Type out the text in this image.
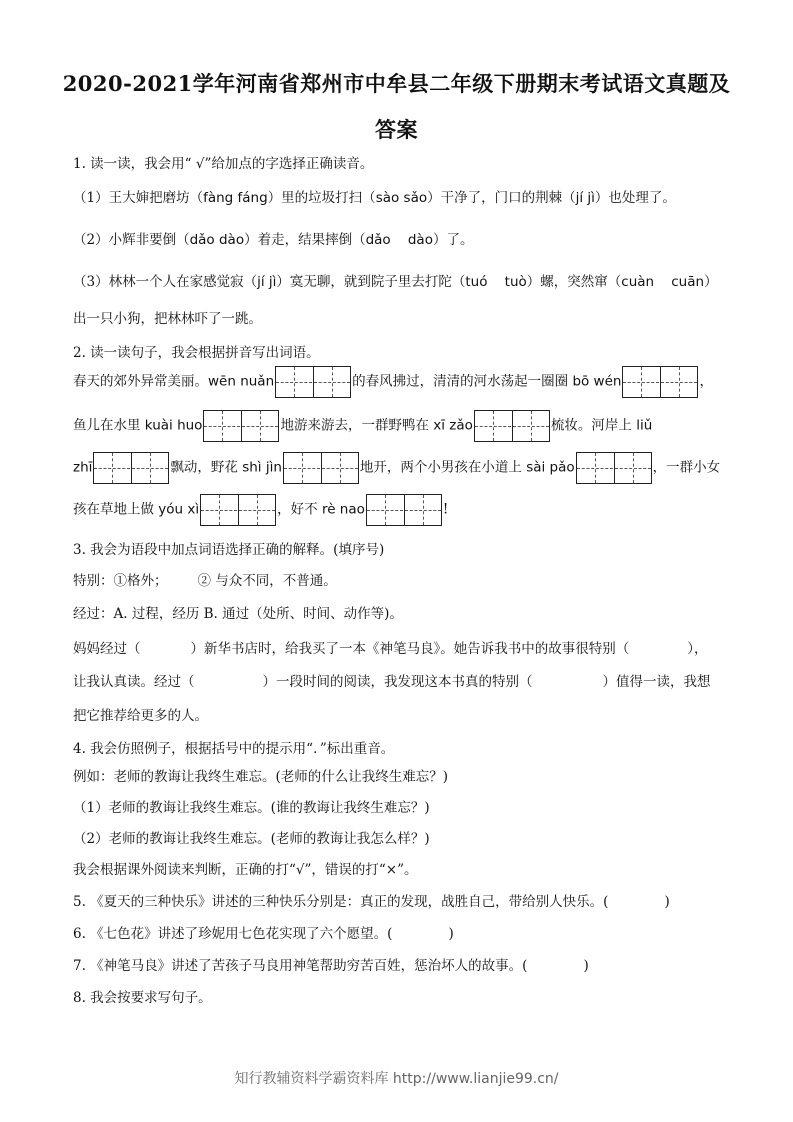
2020-2021学年河南省郑州市中牟县二年级下册期末考试语文真题及
答案
1. 读一读，我会用“ √”给加点的字选择正确读音。
（1）王大婶把磨坊（fàng fáng）里的垃圾打扫（sào sǎo）干净了，门口的荆棘（jí jì）也处理了。
（2）小辉非要倒（dǎo dào）着走，结果摔倒（dǎo    dào）了。
（3）林林一个人在家感觉寂（jí jì）寞无聊，就到院子里去打陀（tuó    tuò）螺，突然窜（cuàn    cuān）
出一只小狗，把林林吓了一跳。
2. 读一读句子，我会根据拼音写出词语。
春天的郊外异常美丽。wēn nuǎn	的春风拂过，清清的河水荡起一圈圈 bō wén	，
鱼儿在水里 kuài huo	地游来游去，一群野鸭在 xī zǎo	梳妆。河岸上 liǔ
zhī	飘动，野花 shì jìn	地开，两个小男孩在小道上 sài pǎo	，一群小女
孩在草地上做 yóu xì	，好不 rè nao	!
3. 我会为语段中加点词语选择正确的解释。(填序号)
特别：①格外； ② 与众不同，不普通。
经过：A. 过程，经历 B. 通过（处所、时间、动作等)。
妈妈经过（	）新华书店时，给我买了一本《神笔马良》。她告诉我书中的故事很特别（	），
让我认真读。经过（	）一段时间的阅读，我发现这本书真的特别（	）值得一读，我想
把它推荐给更多的人。
4. 我会仿照例子，根据括号中的提示用“．”标出重音。
例如：老师的教诲让我终生难忘。(老师的什么让我终生难忘？)
（1）老师的教诲让我终生难忘。(谁的教诲让我终生难忘？)
（2）老师的教诲让我终生难忘。(老师的教诲让我怎么样？)
我会根据课外阅读来判断，正确的打“√”，错误的打“×”。
5. 《夏天的三种快乐》讲述的三种快乐分别是：真正的发现，战胜自己，带给别人快乐。(	)
6. 《七色花》讲述了珍妮用七色花实现了六个愿望。(	)
7. 《神笔马良》讲述了苦孩子马良用神笔帮助穷苦百姓，惩治坏人的故事。(	)
8. 我会按要求写句子。
知行教辅资料学霸资料库 http://www.lianjie99.cn/
